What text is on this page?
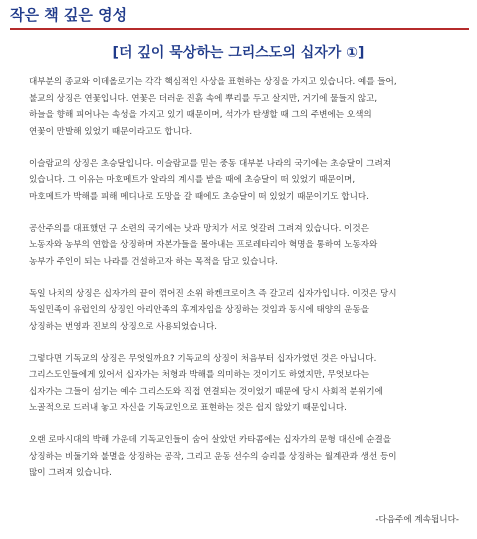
작은 책 깊은 영성
[더 깊이 묵상하는 그리스도의 십자가 ①]
대부분의 종교와 이데올로기는 각각 핵심적인 사상을 표현하는 상징을 가지고 있습니다. 예를 들어,
불교의 상징은 연꽃입니다. 연꽃은 더러운 진흙 속에 뿌리를 두고 살지만, 거기에 물들지 않고,
하늘을 향해 피어나는 속성을 가지고 있기 때문이며, 석가가 탄생할 때 그의 주변에는 오색의
연꽃이 만발해 있었기 때문이라고도 합니다.
이슬람교의 상징은 초승달입니다. 이슬람교를 믿는 중동 대부분 나라의 국기에는 초승달이 그려져
있습니다. 그 이유는 마호메트가 알라의 계시를 받을 때에 초승달이 떠 있었기 때문이며,
마호메트가 박해를 피해 메디나로 도망을 갈 때에도 초승달이 떠 있었기 때문이기도 합니다.
공산주의를 대표했던 구 소련의 국기에는 낫과 망치가 서로 엇갈려 그려져 있습니다. 이것은
노동자와 농부의 연합을 상징하며 자본가들을 몰아내는 프로레타리아 혁명을 통하여 노동자와
농부가 주인이 되는 나라를 건설하고자 하는 목적을 담고 있습니다.
독일 나치의 상징은 십자가의 끝이 꺾어진 소위 하켄크로이츠 즉 갈고리 십자가입니다. 이것은 당시
독일민족이 유럽인의 상징인 아리안족의 후계자임을 상징하는 것임과 동시에 태양의 운동을
상징하는 번영과 진보의 상징으로 사용되었습니다.
그렇다면 기독교의 상징은 무엇일까요? 기독교의 상징이 처음부터 십자가였던 것은 아닙니다.
그리스도인들에게 있어서 십자가는 처형과 박해를 의미하는 것이기도 하였지만, 무엇보다는
십자가는 그들이 섬기는 예수 그리스도와 직접 연결되는 것이었기 때문에 당시 사회적 분위기에
노골적으로 드러내 놓고 자신을 기독교인으로 표현하는 것은 쉽지 않았기 때문입니다.
오랜 로마시대의 박해 가운데 기독교인들이 숨어 살았던 카타콤에는 십자가의 문형 대신에 순결을
상징하는 비둘기와 불멸을 상징하는 공작, 그리고 운동 선수의 승리를 상징하는 월계관과 생선 등이
많이 그려져 있습니다.
-다음주에 계속됩니다-
